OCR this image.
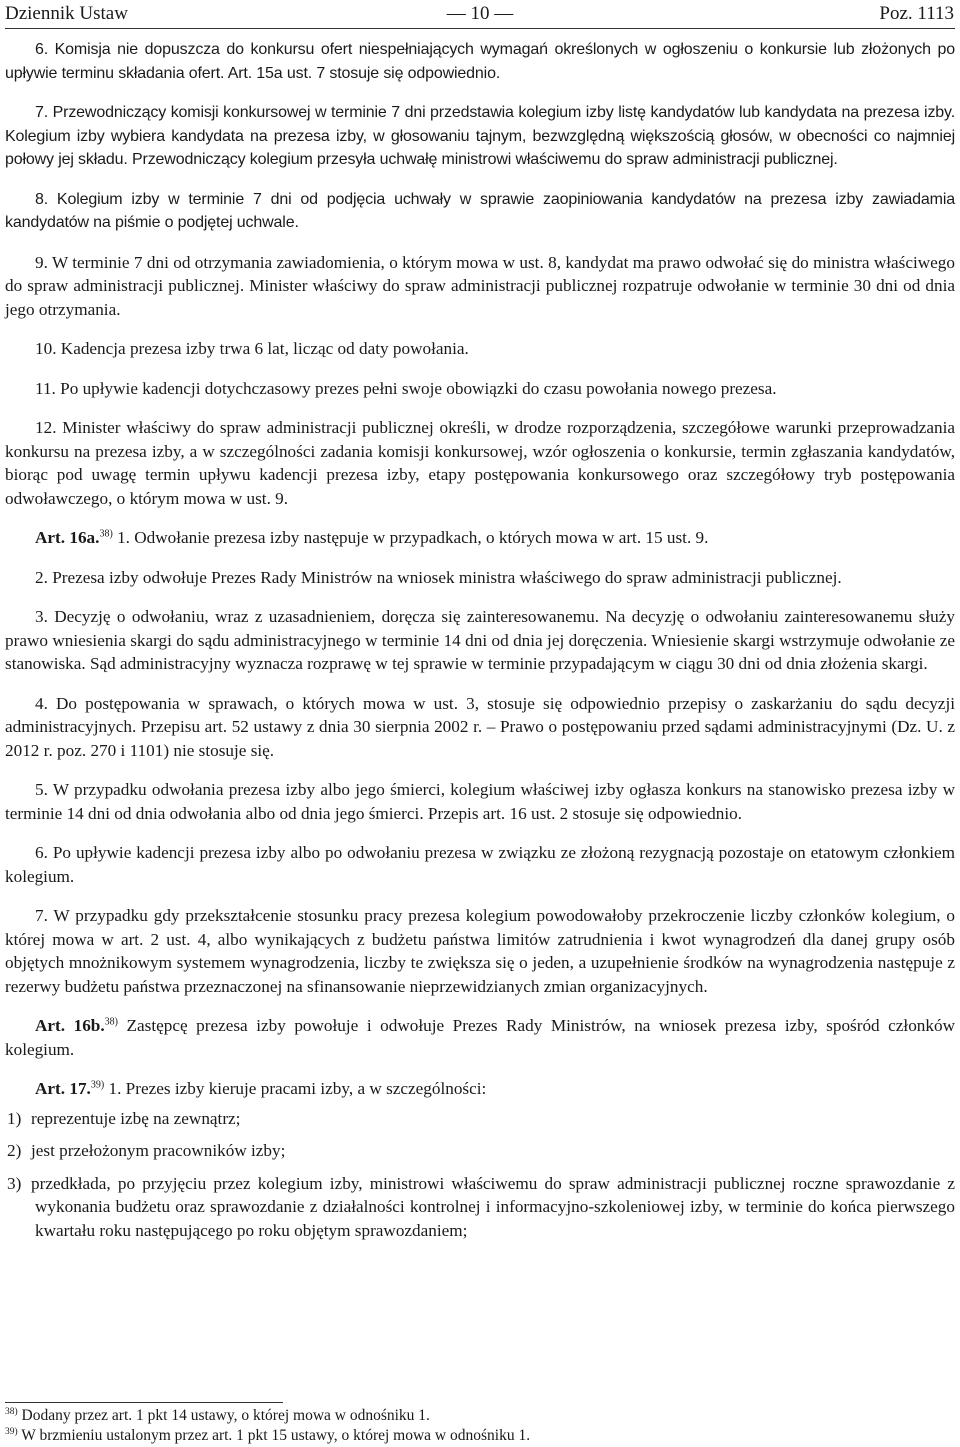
Dziennik Ustaw	— 10 —	Poz. 1113

6. Komisja nie dopuszcza do konkursu ofert niespełniających wymagań określonych w ogłoszeniu o konkursie lub złożonych po upływie terminu składania ofert. Art. 15a ust. 7 stosuje się odpowiednio.

7. Przewodniczący komisji konkursowej w terminie 7 dni przedstawia kolegium izby listę kandydatów lub kandydata na prezesa izby. Kolegium izby wybiera kandydata na prezesa izby, w głosowaniu tajnym, bezwzględną większością głosów, w obecności co najmniej połowy jej składu. Przewodniczący kolegium przesyła uchwałę ministrowi właściwemu do spraw administracji publicznej.

8. Kolegium izby w terminie 7 dni od podjęcia uchwały w sprawie zaopiniowania kandydatów na prezesa izby zawiadamia kandydatów na piśmie o podjętej uchwale.

9. W terminie 7 dni od otrzymania zawiadomienia, o którym mowa w ust. 8, kandydat ma prawo odwołać się do ministra właściwego do spraw administracji publicznej. Minister właściwy do spraw administracji publicznej rozpatruje odwołanie w terminie 30 dni od dnia jego otrzymania.

10. Kadencja prezesa izby trwa 6 lat, licząc od daty powołania.

11. Po upływie kadencji dotychczasowy prezes pełni swoje obowiązki do czasu powołania nowego prezesa.

12. Minister właściwy do spraw administracji publicznej określi, w drodze rozporządzenia, szczegółowe warunki przeprowadzania konkursu na prezesa izby, a w szczególności zadania komisji konkursowej, wzór ogłoszenia o konkursie, termin zgłaszania kandydatów, biorąc pod uwagę termin upływu kadencji prezesa izby, etapy postępowania konkursowego oraz szczegółowy tryb postępowania odwoławczego, o którym mowa w ust. 9.

Art. 16a.$^{38)}$ 1. Odwołanie prezesa izby następuje w przypadkach, o których mowa w art. 15 ust. 9.

2. Prezesa izby odwołuje Prezes Rady Ministrów na wniosek ministra właściwego do spraw administracji publicznej.

3. Decyzję o odwołaniu, wraz z uzasadnieniem, doręcza się zainteresowanemu. Na decyzję o odwołaniu zainteresowanemu służy prawo wniesienia skargi do sądu administracyjnego w terminie 14 dni od dnia jej doręczenia. Wniesienie skargi wstrzymuje odwołanie ze stanowiska. Sąd administracyjny wyznacza rozprawę w tej sprawie w terminie przypadającym w ciągu 30 dni od dnia złożenia skargi.

4. Do postępowania w sprawach, o których mowa w ust. 3, stosuje się odpowiednio przepisy o zaskarżaniu do sądu decyzji administracyjnych. Przepisu art. 52 ustawy z dnia 30 sierpnia 2002 r. – Prawo o postępowaniu przed sądami administracyjnymi (Dz. U. z 2012 r. poz. 270 i 1101) nie stosuje się.

5. W przypadku odwołania prezesa izby albo jego śmierci, kolegium właściwej izby ogłasza konkurs na stanowisko prezesa izby w terminie 14 dni od dnia odwołania albo od dnia jego śmierci. Przepis art. 16 ust. 2 stosuje się odpowiednio.

6. Po upływie kadencji prezesa izby albo po odwołaniu prezesa w związku ze złożoną rezygnacją pozostaje on etatowym członkiem kolegium.

7. W przypadku gdy przekształcenie stosunku pracy prezesa kolegium powodowałoby przekroczenie liczby członków kolegium, o której mowa w art. 2 ust. 4, albo wynikających z budżetu państwa limitów zatrudnienia i kwot wynagrodzeń dla danej grupy osób objętych mnożnikowym systemem wynagrodzenia, liczby te zwiększa się o jeden, a uzupełnienie środków na wynagrodzenia następuje z rezerwy budżetu państwa przeznaczonej na sfinansowanie nieprzewidzianych zmian organizacyjnych.

Art. 16b.$^{38)}$ Zastępcę prezesa izby powołuje i odwołuje Prezes Rady Ministrów, na wniosek prezesa izby, spośród członków kolegium.

Art. 17.$^{39)}$ 1. Prezes izby kieruje pracami izby, a w szczególności:

1) reprezentuje izbę na zewnątrz;
2) jest przełożonym pracowników izby;
3) przedkłada, po przyjęciu przez kolegium izby, ministrowi właściwemu do spraw administracji publicznej roczne sprawozdanie z wykonania budżetu oraz sprawozdanie z działalności kontrolnej i informacyjno-szkoleniowej izby, w terminie do końca pierwszego kwartału roku następującego po roku objętym sprawozdaniem;

$^{38)}$ Dodany przez art. 1 pkt 14 ustawy, o której mowa w odnośniku 1.

$^{39)}$ W brzmieniu ustalonym przez art. 1 pkt 15 ustawy, o której mowa w odnośniku 1.
